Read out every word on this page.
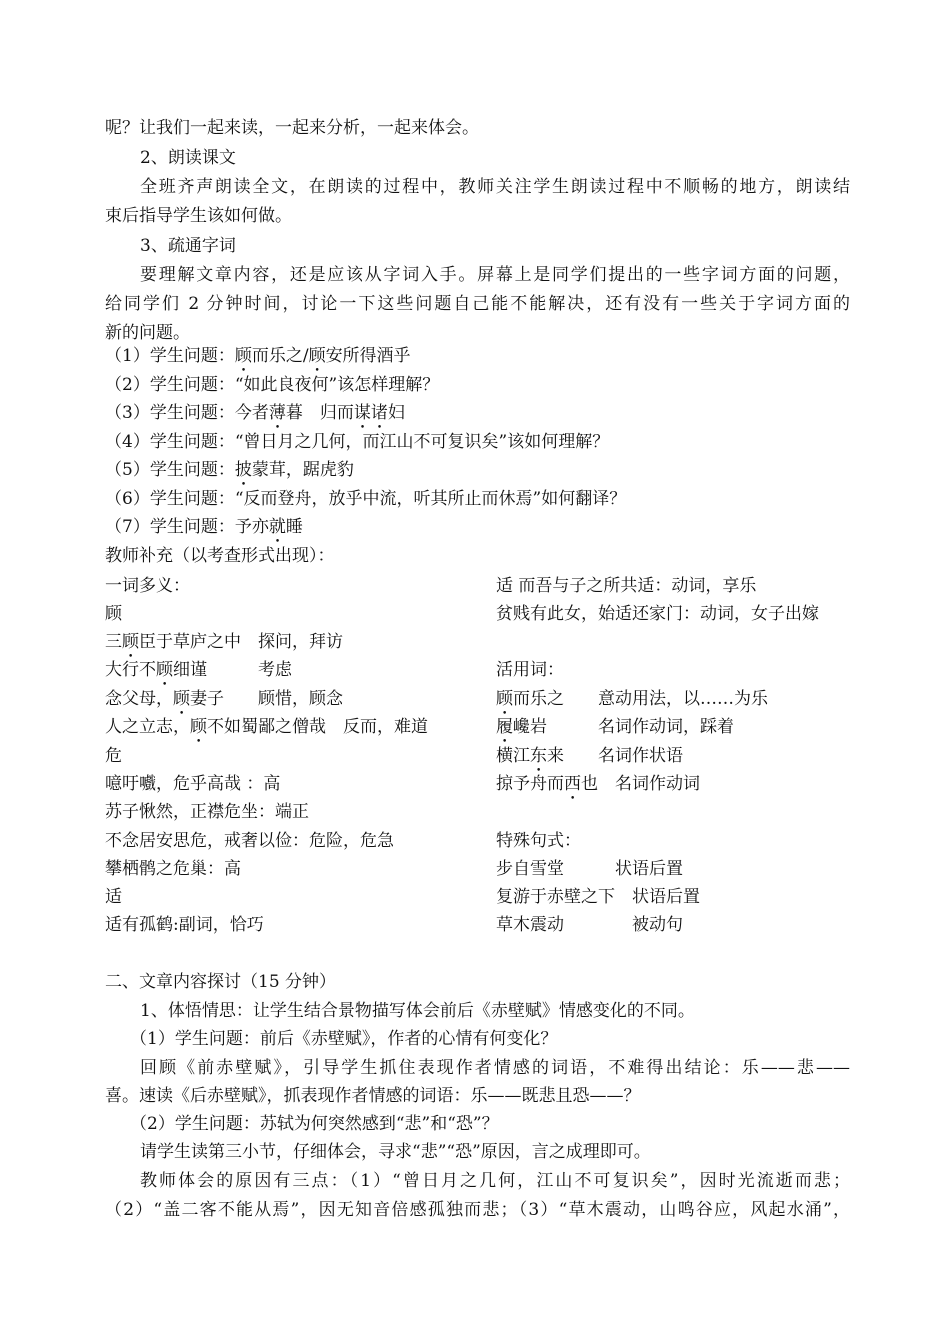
呢？让我们一起来读，一起来分析，一起来体会。
2、朗读课文
全班齐声朗读全文，在朗读的过程中，教师关注学生朗读过程中不顺畅的地方，朗读结
束后指导学生该如何做。
3、疏通字词
要理解文章内容，还是应该从字词入手。屏幕上是同学们提出的一些字词方面的问题，
给同学们 2 分钟时间，讨论一下这些问题自己能不能解决，还有没有一些关于字词方面的
新的问题。
（1）学生问题：顾而乐之/顾安所得酒乎
（2）学生问题：“如此良夜何”该怎样理解？
（3）学生问题：今者薄暮　归而谋诸妇
（4）学生问题：“曾日月之几何，而江山不可复识矣”该如何理解？
（5）学生问题：披蒙茸，踞虎豹
（6）学生问题：“反而登舟，放乎中流，听其所止而休焉”如何翻译？
（7）学生问题：予亦就睡
教师补充（以考查形式出现）：
一词多义：
顾
三顾臣于草庐之中　探问，拜访
大行不顾细谨　　　考虑
念父母，顾妻子　　顾惜，顾念
人之立志，顾不如蜀鄙之僧哉　反而，难道
危
噫吁嚱，危乎高哉 ：高
苏子愀然，正襟危坐：端正
不念居安思危，戒奢以俭：危险，危急
攀栖鹘之危巢：高
适
适有孤鹤:副词，恰巧
适 而吾与子之所共适：动词，享乐
贫贱有此女，始适还家门：动词，女子出嫁
活用词：
顾而乐之　　意动用法，以……为乐
履巉岩　　　名词作动词，踩着
横江东来　　名词作状语
掠予舟而西也　名词作动词
特殊句式：
步自雪堂　　　状语后置
复游于赤壁之下　状语后置
草木震动　　　　被动句
二、文章内容探讨（15 分钟）
1、体悟情思：让学生结合景物描写体会前后《赤壁赋》情感变化的不同。
（1）学生问题：前后《赤壁赋》，作者的心情有何变化？
回顾《前赤壁赋》，引导学生抓住表现作者情感的词语，不难得出结论：乐——悲——
喜。速读《后赤壁赋》，抓表现作者情感的词语：乐——既悲且恐——？
（2）学生问题：苏轼为何突然感到“悲”和“恐”？
请学生读第三小节，仔细体会，寻求“悲”“恐”原因，言之成理即可。
教师体会的原因有三点：（1）“曾日月之几何，江山不可复识矣”，因时光流逝而悲；
（2）“盖二客不能从焉”，因无知音倍感孤独而悲；（3）“草木震动，山鸣谷应，风起水涌”，
